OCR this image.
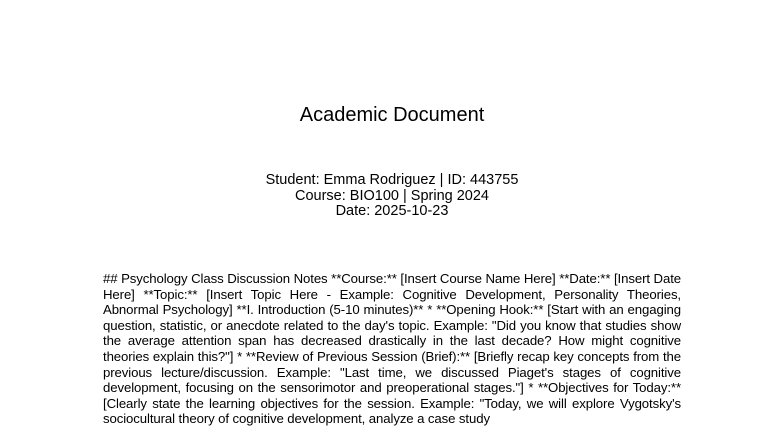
Academic Document
Student: Emma Rodriguez | ID: 443755
Course: BIO100 | Spring 2024
Date: 2025-10-23
## Psychology Class Discussion Notes **Course:** [Insert Course Name Here] **Date:** [Insert Date Here] **Topic:** [Insert Topic Here - Example: Cognitive Development, Personality Theories, Abnormal Psychology] **I. Introduction (5-10 minutes)** * **Opening Hook:** [Start with an engaging question, statistic, or anecdote related to the day's topic. Example: "Did you know that studies show the average attention span has decreased drastically in the last decade? How might cognitive theories explain this?"] * **Review of Previous Session (Brief):** [Briefly recap key concepts from the previous lecture/discussion. Example: "Last time, we discussed Piaget's stages of cognitive development, focusing on the sensorimotor and preoperational stages."] * **Objectives for Today:** [Clearly state the learning objectives for the session. Example: "Today, we will explore Vygotsky's sociocultural theory of cognitive development, analyze a case study
